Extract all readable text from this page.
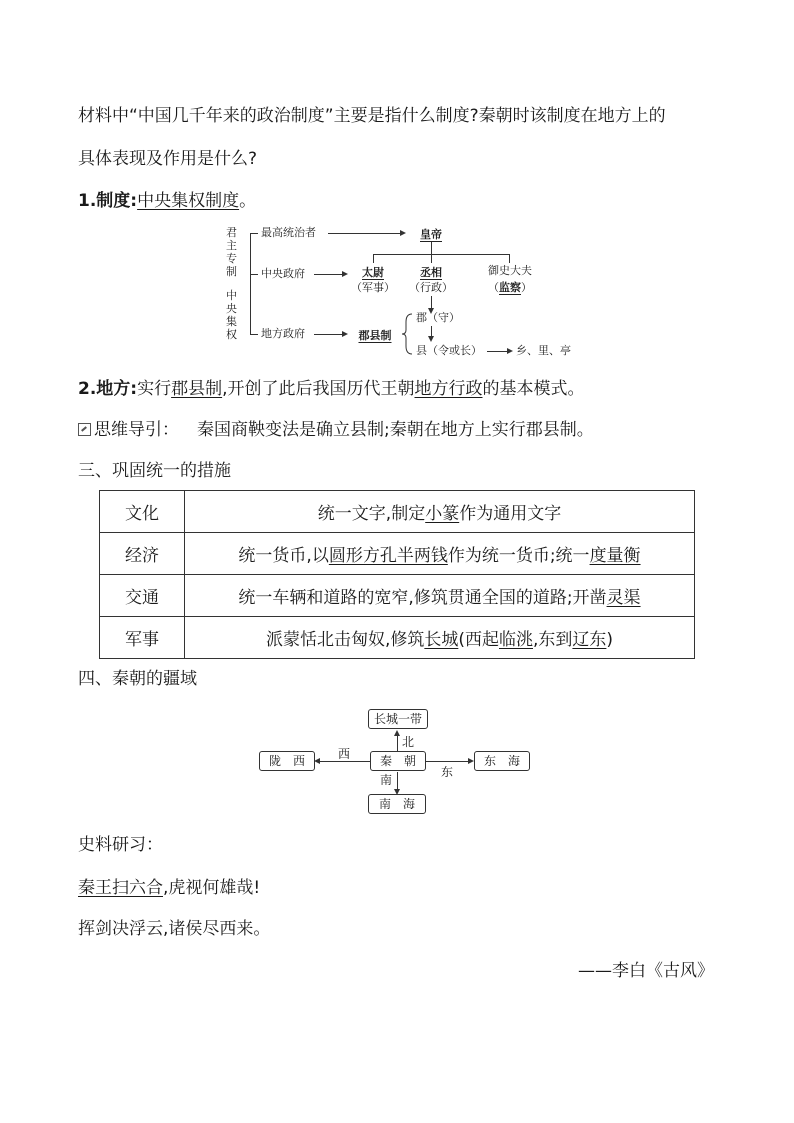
材料中“中国几千年来的政治制度”主要是指什么制度?秦朝时该制度在地方上的
具体表现及作用是什么?
1.制度:中央集权制度。
君
主
专
制
中
央
集
权
最高统治者	皇帝
中央政府	太尉
（军事）
丞相
（行政）
御史大夫
（监察）
地方政府	郡县制
郡（守）
县（令或长）	乡、里、亭
2.地方:实行郡县制,开创了此后我国历代王朝地方行政的基本模式。
思维导引： 秦国商鞅变法是确立县制;秦朝在地方上实行郡县制。
三、巩固统一的措施
文化	统一文字,制定小篆作为通用文字
经济	统一货币,以圆形方孔半两钱作为统一货币;统一度量衡
交通	统一车辆和道路的宽窄,修筑贯通全国的道路;开凿灵渠
军事	派蒙恬北击匈奴,修筑长城(西起临洮,东到辽东)
四、秦朝的疆域
长城一带
北
秦　朝
陇　西	西	东　海
东
南
南　海
史料研习：
秦王扫六合,虎视何雄哉!
挥剑决浮云,诸侯尽西来。
——李白《古风》
